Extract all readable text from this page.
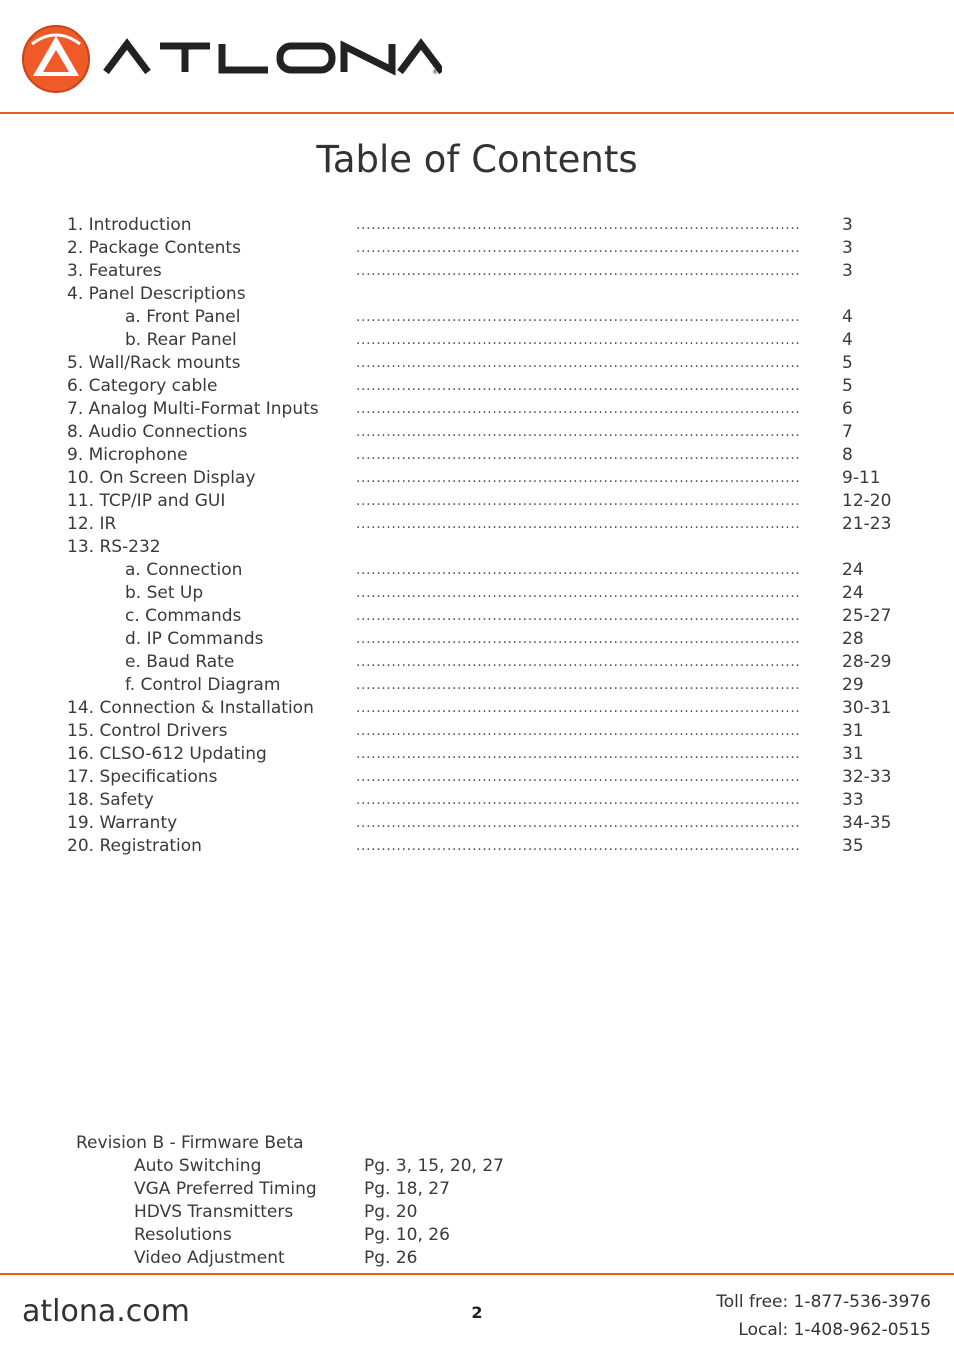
®
Table of Contents
1. Introduction	........................................................................................	3
2. Package Contents	........................................................................................	3
3. Features	........................................................................................	3
4. Panel Descriptions
a. Front Panel	........................................................................................	4
b. Rear Panel	........................................................................................	4
5. Wall/Rack mounts	........................................................................................	5
6. Category cable	........................................................................................	5
7. Analog Multi-Format Inputs	........................................................................................	6
8. Audio Connections	........................................................................................	7
9. Microphone	........................................................................................	8
10. On Screen Display	........................................................................................	9-11
11. TCP/IP and GUI	........................................................................................	12-20
12. IR	........................................................................................	21-23
13. RS-232
a. Connection	........................................................................................	24
b. Set Up	........................................................................................	24
c. Commands	........................................................................................	25-27
d. IP Commands	........................................................................................	28
e. Baud Rate	........................................................................................	28-29
f. Control Diagram	........................................................................................	29
14. Connection & Installation	........................................................................................	30-31
15. Control Drivers	........................................................................................	31
16. CLSO-612 Updating	........................................................................................	31
17. Specifications	........................................................................................	32-33
18. Safety	........................................................................................	33
19. Warranty	........................................................................................	34-35
20. Registration	........................................................................................	35
Revision B - Firmware Beta
Auto Switching	Pg. 3, 15, 20, 27
VGA Preferred Timing	Pg. 18, 27
HDVS Transmitters	Pg. 20
Resolutions	Pg. 10, 26
Video Adjustment	Pg. 26
atlona.com	2
Toll free: 1-877-536-3976
Local: 1-408-962-0515
